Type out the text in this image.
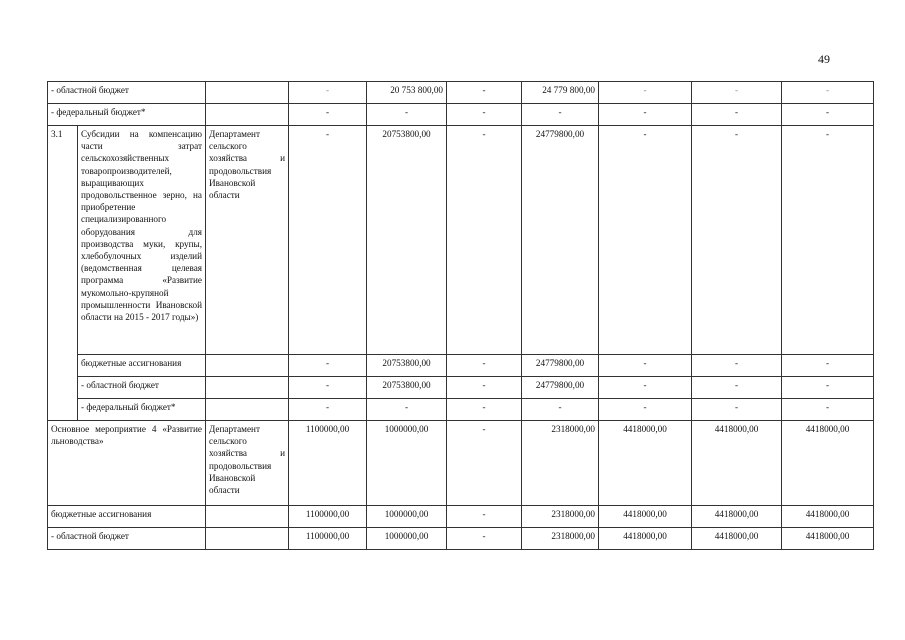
49
- областной бюджет			-	20 753 800,00	-	24 779 800,00	-	-	-
- федеральный бюджет*			-	-	-	-	-	-	-
3.1	Субсидии на компенсацию части затрат сельскохозяйственных товаропроизводителей, выращивающих продовольственное зерно, на приобретение специализированного оборудования для производства муки, крупы, хлебобулочных изделий (ведомственная целевая программа «Развитие мукомольно-крупяной промышленности Ивановской области на 2015 - 2017 годы»)	Департамент сельского хозяйства и продовольствия Ивановской области	-	20753800,00	-	24779800,00	-	-	-
	бюджетные ассигнования		-	20753800,00	-	24779800,00	-	-	-
	- областной бюджет		-	20753800,00	-	24779800,00	-	-	-
	- федеральный бюджет*		-	-	-	-	-	-	-
Основное мероприятие 4 «Развитие льноводства»		Департамент сельского хозяйства и продовольствия Ивановской области	1100000,00	1000000,00	-	2318000,00	4418000,00	4418000,00	4418000,00
бюджетные ассигнования			1100000,00	1000000,00	-	2318000,00	4418000,00	4418000,00	4418000,00
- областной бюджет			1100000,00	1000000,00	-	2318000,00	4418000,00	4418000,00	4418000,00
